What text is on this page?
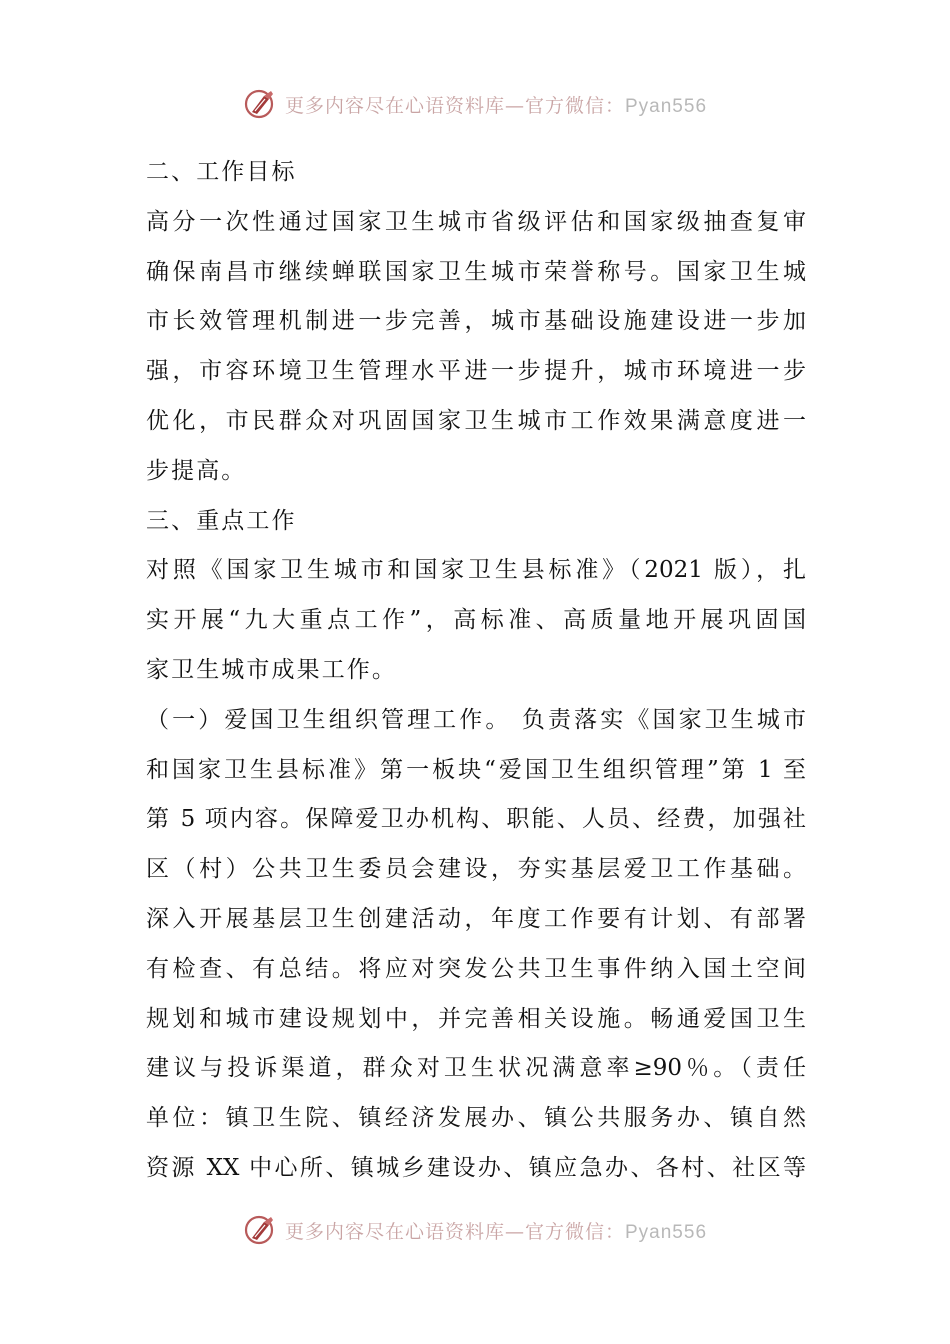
更多内容尽在心语资料库—官方微信：Pyan556
二、工作目标
高分一次性通过国家卫生城市省级评估和国家级抽查复审
确保南昌市继续蝉联国家卫生城市荣誉称号。国家卫生城
市长效管理机制进一步完善，城市基础设施建设进一步加
强，市容环境卫生管理水平进一步提升，城市环境进一步
优化，市民群众对巩固国家卫生城市工作效果满意度进一
步提高。
三、重点工作
对照《国家卫生城市和国家卫生县标准》（2021 版），扎
实开展“九大重点工作”，高标准、高质量地开展巩固国
家卫生城市成果工作。
（一）爱国卫生组织管理工作。 负责落实《国家卫生城市
和国家卫生县标准》第一板块“爱国卫生组织管理”第 1 至
第 5 项内容。保障爱卫办机构、职能、人员、经费，加强社
区（村）公共卫生委员会建设，夯实基层爱卫工作基础。
深入开展基层卫生创建活动，年度工作要有计划、有部署
有检查、有总结。将应对突发公共卫生事件纳入国土空间
规划和城市建设规划中，并完善相关设施。畅通爱国卫生
建议与投诉渠道，群众对卫生状况满意率≥90％。（责任
单位：镇卫生院、镇经济发展办、镇公共服务办、镇自然
资源 XX 中心所、镇城乡建设办、镇应急办、各村、社区等
更多内容尽在心语资料库—官方微信：Pyan556
